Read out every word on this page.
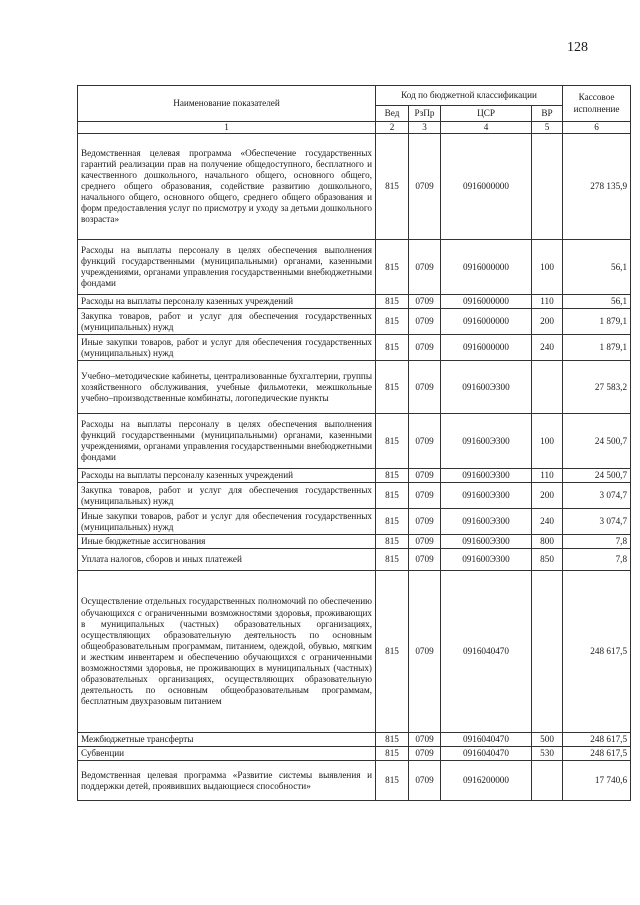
128
Наименование показателей	Код по бюджетной классификации				Кассовое исполнение
	Вед	РзПр	ЦСР	ВР	
1	2	3	4	5	6
Ведомственная целевая программа «Обеспечение государственных гарантий реализации прав на получение общедоступного, бесплатного и качественного дошкольного, начального общего, основного общего, среднего общего образования, содействие развитию дошкольного, начального общего, основного общего, среднего общего образования и форм предоставления услуг по присмотру и уходу за детьми дошкольного возраста»	815	0709	0916000000		278 135,9
Расходы на выплаты персоналу в целях обеспечения выполнения функций государственными (муниципальными) органами, казенными учреждениями, органами управления государственными внебюджетными фондами	815	0709	0916000000	100	56,1
Расходы на выплаты персоналу казенных учреждений	815	0709	0916000000	110	56,1
Закупка товаров, работ и услуг для обеспечения государственных (муниципальных) нужд	815	0709	0916000000	200	1 879,1
Иные закупки товаров, работ и услуг для обеспечения государственных (муниципальных) нужд	815	0709	0916000000	240	1 879,1
Учебно–методические кабинеты, централизованные бухгалтерии, группы хозяйственного обслуживания, учебные фильмотеки, межшкольные учебно–производственные комбинаты, логопедические пункты	815	0709	091600Э300		27 583,2
Расходы на выплаты персоналу в целях обеспечения выполнения функций государственными (муниципальными) органами, казенными учреждениями, органами управления государственными внебюджетными фондами	815	0709	091600Э300	100	24 500,7
Расходы на выплаты персоналу казенных учреждений	815	0709	091600Э300	110	24 500,7
Закупка товаров, работ и услуг для обеспечения государственных (муниципальных) нужд	815	0709	091600Э300	200	3 074,7
Иные закупки товаров, работ и услуг для обеспечения государственных (муниципальных) нужд	815	0709	091600Э300	240	3 074,7
Иные бюджетные ассигнования	815	0709	091600Э300	800	7,8
Уплата налогов, сборов и иных платежей	815	0709	091600Э300	850	7,8
Осуществление отдельных государственных полномочий по обеспечению обучающихся с ограниченными возможностями здоровья, проживающих в муниципальных (частных) образовательных организациях, осуществляющих образовательную деятельность по основным общеобразовательным программам, питанием, одеждой, обувью, мягким и жестким инвентарем и обеспечению обучающихся с ограниченными возможностями здоровья, не проживающих в муниципальных (частных) образовательных организациях, осуществляющих образовательную деятельность по основным общеобразовательным программам, бесплатным двухразовым питанием	815	0709	0916040470		248 617,5
Межбюджетные трансферты	815	0709	0916040470	500	248 617,5
Субвенции	815	0709	0916040470	530	248 617,5
Ведомственная целевая программа «Развитие системы выявления и поддержки детей, проявивших выдающиеся способности»	815	0709	0916200000		17 740,6
